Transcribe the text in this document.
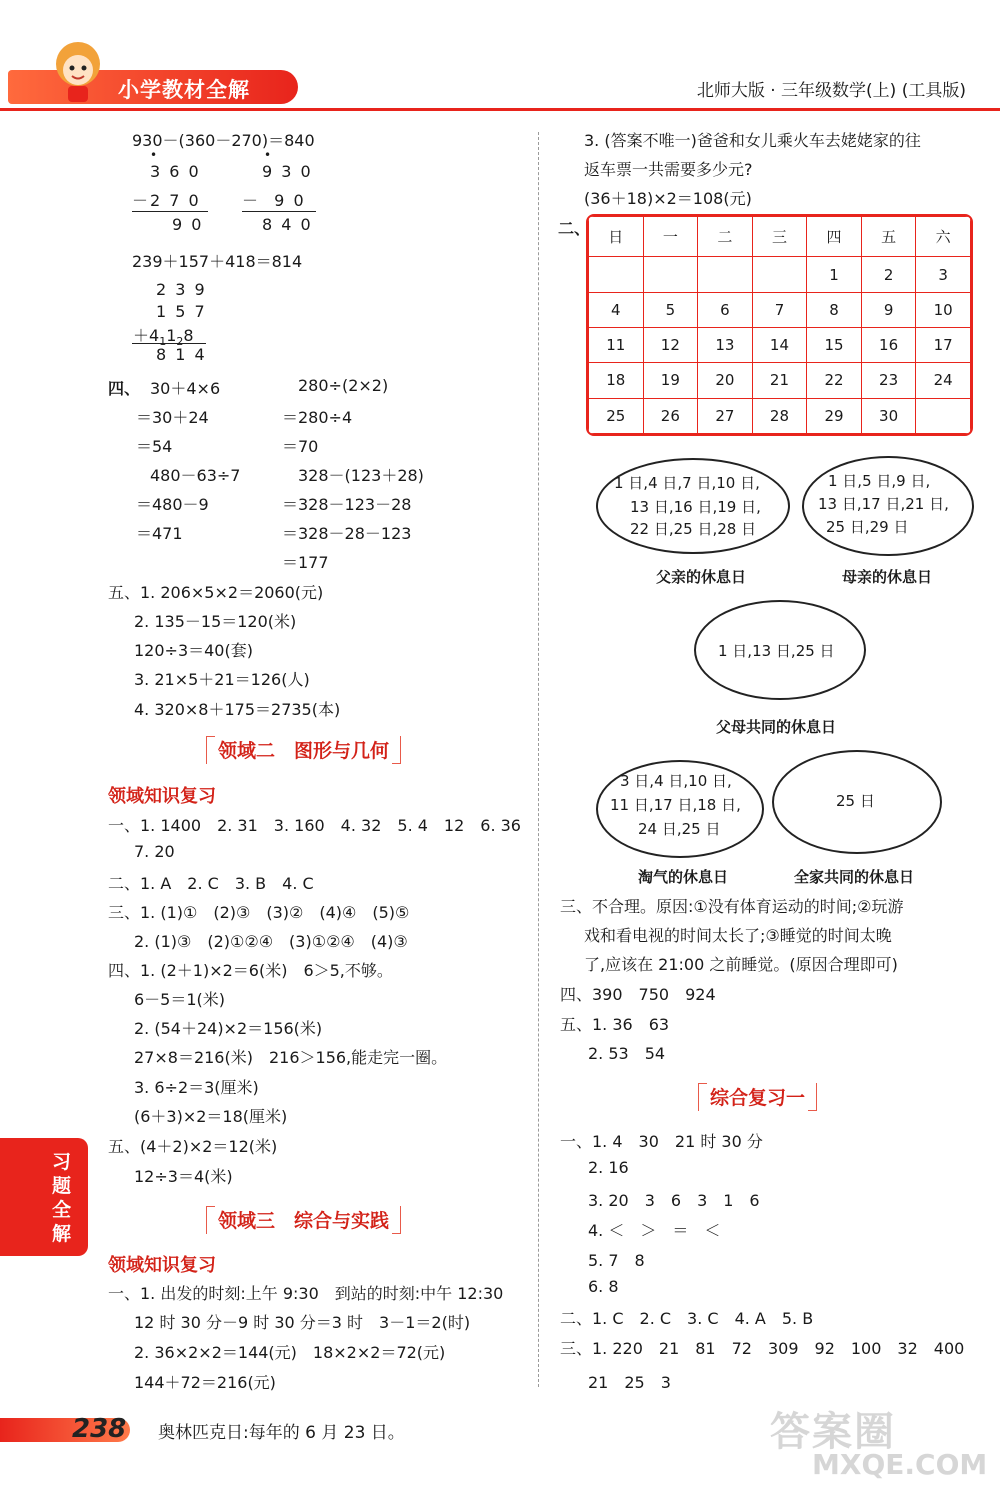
小学教材全解	北师大版 · 三年级数学(上) (工具版)
930－(360－270)＝840
•
3 6 0
－2 7 0
9 0
•
9 3 0
－  9 0
8 4 0
239＋157＋418＝814
2 3 9
1 5 7
$+4_11_28$
8 1 4
四、 30＋4×6
＝30＋24
＝54
280÷(2×2)
＝280÷4
＝70
480－63÷7
＝480－9
＝471
328－(123＋28)
＝328－123－28
＝328－28－123
＝177
五、1. 206×5×2＝2060(元)
2. 135－15＝120(米)
120÷3＝40(套)
3. 21×5＋21＝126(人)
4. 320×8＋175＝2735(本)
领域二　图形与几何
领域知识复习
一、1. 1400　2. 31　3. 160　4. 32　5. 4　12　6. 36
7. 20
二、1. A　2. C　3. B　4. C
三、1. (1)①　(2)③　(3)②　(4)④　(5)⑤
2. (1)③　(2)①②④　(3)①②④　(4)③
四、1. (2＋1)×2＝6(米)　6＞5,不够。
6－5＝1(米)
2. (54＋24)×2＝156(米)
27×8＝216(米)　216＞156,能走完一圈。
3. 6÷2＝3(厘米)
(6＋3)×2＝18(厘米)
五、(4＋2)×2＝12(米)
12÷3＝4(米)
领域三　综合与实践
领域知识复习
一、1. 出发的时刻:上午 9:30　到站的时刻:中午 12:30
12 时 30 分－9 时 30 分＝3 时　3－1＝2(时)
2. 36×2×2＝144(元)　18×2×2＝72(元)
144＋72＝216(元)
3. (答案不唯一)爸爸和女儿乘火车去姥姥家的往
返车票一共需要多少元?
(36＋18)×2＝108(元)
二、 日	一	二	三	四	五	六
				1	2	3
4	5	6	7	8	9	10
11	12	13	14	15	16	17
18	19	20	21	22	23	24
25	26	27	28	29	30	
1 日,4 日,7 日,10 日,
13 日,16 日,19 日,
22 日,25 日,28 日
父亲的休息日
1 日,5 日,9 日,
13 日,17 日,21 日,
25 日,29 日
母亲的休息日
1 日,13 日,25 日
父母共同的休息日
3 日,4 日,10 日,
11 日,17 日,18 日,
24 日,25 日
淘气的休息日
25 日
全家共同的休息日
三、不合理。原因:①没有体育运动的时间;②玩游
戏和看电视的时间太长了;③睡觉的时间太晚
了,应该在 21:00 之前睡觉。(原因合理即可)
四、390　750　924
五、1. 36　63
2. 53　54
综合复习一
一、1. 4　30　21 时 30 分
2. 16
3. 20　3　6　3　1　6
4. ＜　＞　＝　＜
5. 7　8
6. 8
二、1. C　2. C　3. C　4. A　5. B
三、1. 220　21　81　72　309　92　100　32　400
21　25　3
习题全解
238 奥林匹克日:每年的 6 月 23 日。	答案圈
MXQE.COM
